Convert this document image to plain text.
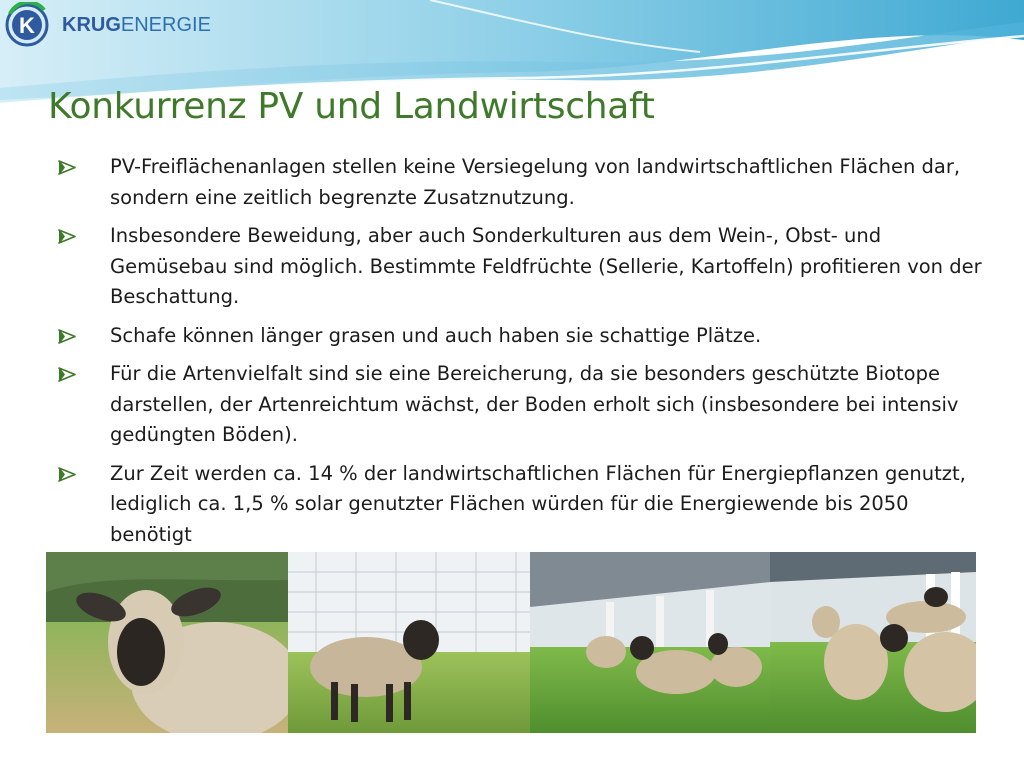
K KRUGENERGIE
Konkurrenz PV und Landwirtschaft
PV-Freiflächenanlagen stellen keine Versiegelung von landwirtschaftlichen Flächen dar, sondern eine zeitlich begrenzte Zusatznutzung.
Insbesondere Beweidung, aber auch Sonderkulturen aus dem Wein-, Obst- und Gemüsebau sind möglich. Bestimmte Feldfrüchte (Sellerie, Kartoffeln) profitieren von der Beschattung.
Schafe können länger grasen und auch haben sie schattige Plätze.
Für die Artenvielfalt sind sie eine Bereicherung, da sie besonders geschützte Biotope darstellen, der Artenreichtum wächst, der Boden erholt sich (insbesondere bei intensiv gedüngten Böden).
Zur Zeit werden ca. 14 % der landwirtschaftlichen Flächen für Energiepflanzen genutzt, lediglich ca. 1,5 % solar genutzter Flächen würden für die Energiewende bis 2050 benötigt
